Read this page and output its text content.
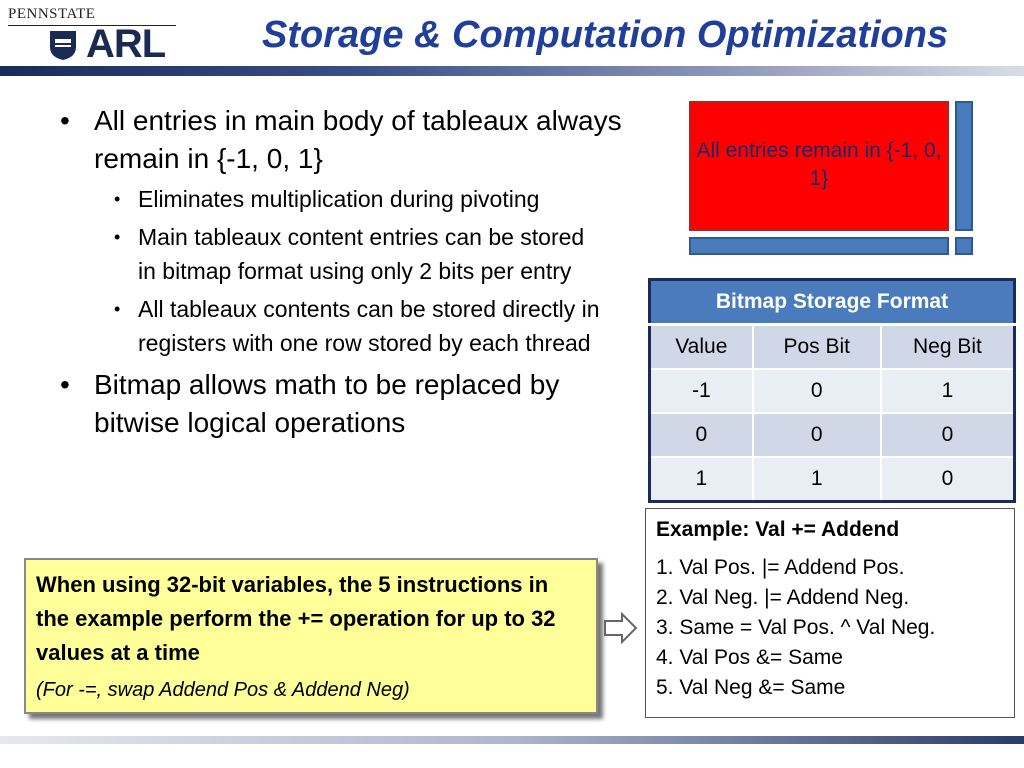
PENNSTATE
ARL	Storage & Computation Optimizations
• All entries in main body of tableaux always remain in {-1, 0, 1}
• Eliminates multiplication during pivoting
• Main tableaux content entries can be stored in bitmap format using only 2 bits per entry
• All tableaux contents can be stored directly in registers with one row stored by each thread
• Bitmap allows math to be replaced by bitwise logical operations
All entries remain in {-1, 0, 1}
Bitmap Storage Format		
Value	Pos Bit	Neg Bit
-1	0	1
0	0	0
1	1	0
Example: Val += Addend
1. Val Pos. |= Addend Pos.
2. Val Neg. |= Addend Neg.
3. Same = Val Pos. ^ Val Neg.
4. Val Pos &= Same
5. Val Neg &= Same
When using 32-bit variables, the 5 instructions in the example perform the += operation for up to 32 values at a time
(For -=, swap Addend Pos & Addend Neg)
